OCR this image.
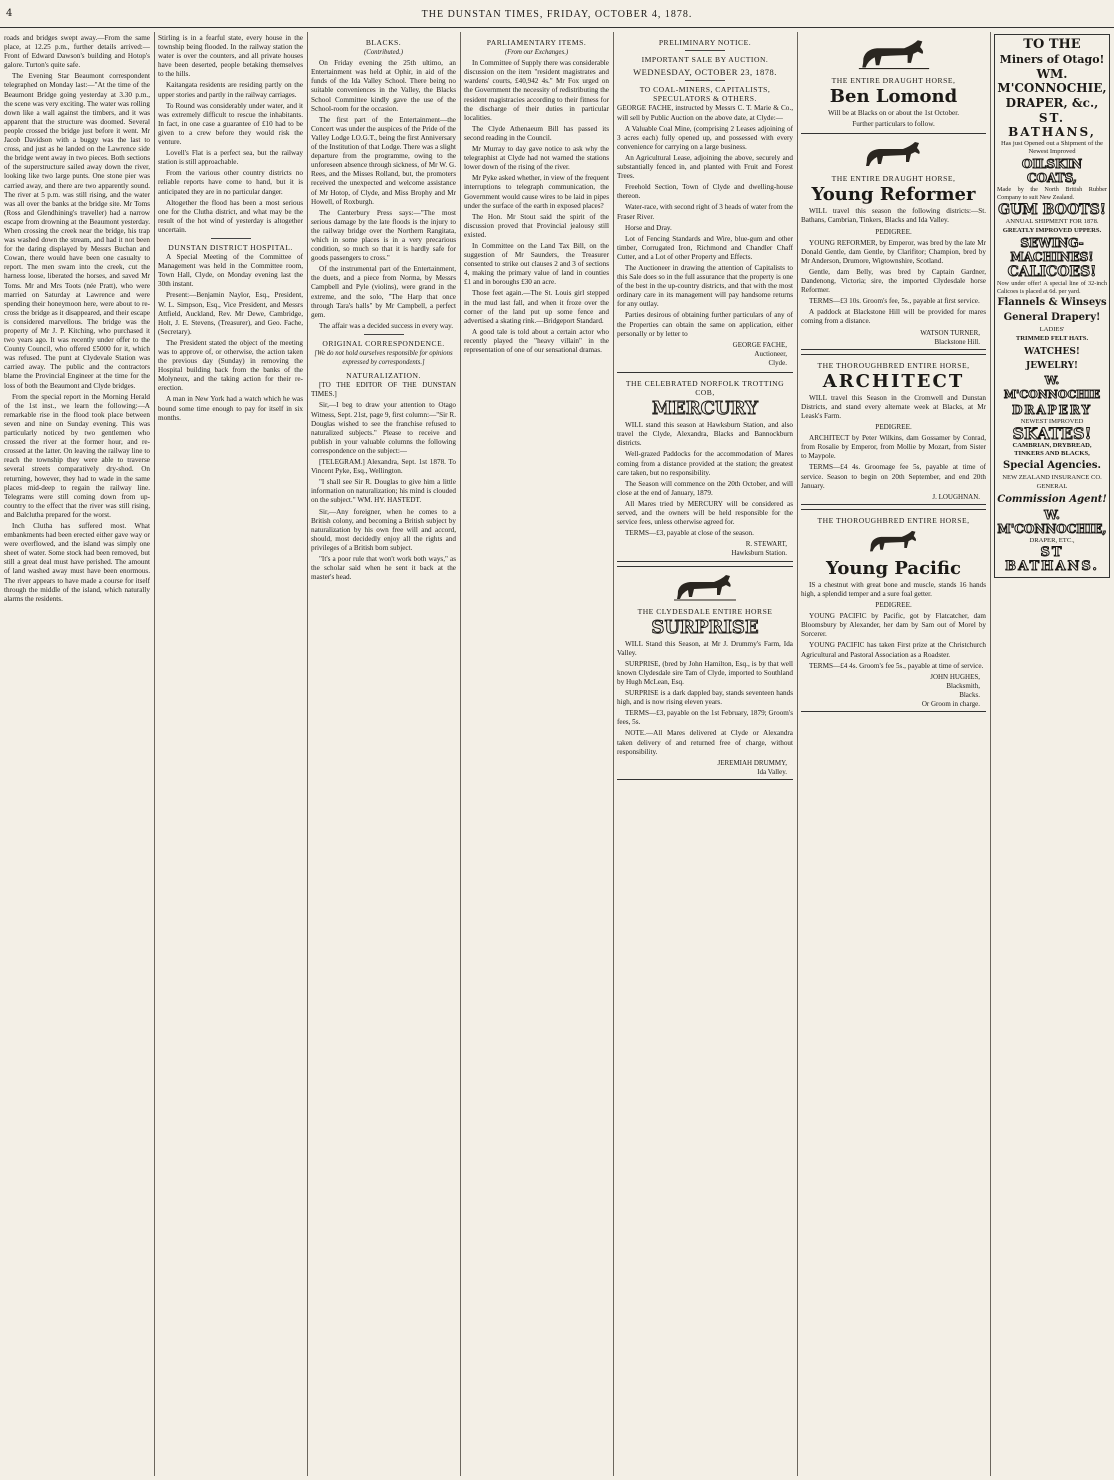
4	THE DUNSTAN TIMES, FRIDAY, OCTOBER 4, 1878.

roads and bridges swept away.—From the same place, at 12.25 p.m., further details arrived:—Front of Edward Dawson's building and Hotop's galore. Turton's quite safe.

The Evening Star Beaumont correspondent telegraphed on Monday last:—"At the time of the Beaumont Bridge going yesterday at 3.30 p.m., the scene was very exciting. The water was rolling down like a wall against the timbers, and it was apparent that the structure was doomed. Several people crossed the bridge just before it went. Mr Jacob Davidson with a buggy was the last to cross, and just as he landed on the Lawrence side the bridge went away in two pieces. Both sections of the superstructure sailed away down the river, looking like two large punts. One stone pier was carried away, and there are two apparently sound. The river at 5 p.m. was still rising, and the water was all over the banks at the bridge site. Mr Toms (Ross and Glendhining's traveller) had a narrow escape from drowning at the Beaumont yesterday. When crossing the creek near the bridge, his trap was washed down the stream, and had it not been for the daring displayed by Messrs Buchan and Cowan, there would have been one casualty to report. The men swam into the creek, cut the harness loose, liberated the horses, and saved Mr Toms. Mr and Mrs Toots (née Pratt), who were married on Saturday at Lawrence and were spending their honeymoon here, were about to re-cross the bridge as it disappeared, and their escape is considered marvellous. The bridge was the property of Mr J. P. Kitching, who purchased it two years ago. It was recently under offer to the County Council, who offered £5000 for it, which was refused. The punt at Clydevale Station was carried away. The public and the contractors blame the Provincial Engineer at the time for the loss of both the Beaumont and Clyde bridges.

From the special report in the Morning Herald of the 1st inst., we learn the following:—A remarkable rise in the flood took place between seven and nine on Sunday evening. This was particularly noticed by two gentlemen who crossed the river at the former hour, and re-crossed at the latter. On leaving the railway line to reach the township they were able to traverse several streets comparatively dry-shod. On returning, however, they had to wade in the same places mid-deep to regain the railway line. Telegrams were still coming down from up-country to the effect that the river was still rising, and Balclutha prepared for the worst.

Inch Clutha has suffered most. What embankments had been erected either gave way or were overflowed, and the island was simply one sheet of water. Some stock had been removed, but still a great deal must have perished. The amount of land washed away must have been enormous. The river appears to have made a course for itself through the middle of the island, which naturally alarms the residents.

Stirling is in a fearful state, every house in the township being flooded. In the railway station the water is over the counters, and all private houses have been deserted, people betaking themselves to the hills.

Kaitangata residents are residing partly on the upper stories and partly in the railway carriages.

To Round was considerably under water, and it was extremely difficult to rescue the inhabitants. In fact, in one case a guarantee of £10 had to be given to a crew before they would risk the venture.

Lovell's Flat is a perfect sea, but the railway station is still approachable.

From the various other country districts no reliable reports have come to hand, but it is anticipated they are in no particular danger.

Altogether the flood has been a most serious one for the Clutha district, and what may be the result of the hot wind of yesterday is altogether uncertain.

DUNSTAN DISTRICT HOSPITAL.

A Special Meeting of the Committee of Management was held in the Committee room, Town Hall, Clyde, on Monday evening last the 30th instant.

Present:—Benjamin Naylor, Esq., President, W. L. Simpson, Esq., Vice President, and Messrs Attfield, Auckland, Rev. Mr Dewe, Cambridge, Holt, J. E. Stevens, (Treasurer), and Geo. Fache, (Secretary).

The President stated the object of the meeting was to approve of, or otherwise, the action taken the previous day (Sunday) in removing the Hospital building back from the banks of the Molyneux, and the taking action for their re-erection.

A man in New York had a watch which he was bound some time enough to pay for itself in six months.

BLACKS.
(Contributed.)

On Friday evening the 25th ultimo, an Entertainment was held at Ophir, in aid of the funds of the Ida Valley School. There being no suitable conveniences in the Valley, the Blacks School Committee kindly gave the use of the School-room for the occasion.

The first part of the Entertainment—the Concert was under the auspices of the Pride of the Valley Lodge I.O.G.T., being the first Anniversary of the Institution of that Lodge. There was a slight departure from the programme, owing to the unforeseen absence through sickness, of Mr W. G. Rees, and the Misses Rolland, but, the promoters received the unexpected and welcome assistance of Mr Hotop, of Clyde, and Miss Brophy and Mr Howell, of Roxburgh.

The Canterbury Press says:—"The most serious damage by the late floods is the injury to the railway bridge over the Northern Rangitata, which in some places is in a very precarious condition, so much so that it is hardly safe for goods passengers to cross."

Of the instrumental part of the Entertainment, the duets, and a piece from Norma, by Messrs Campbell and Pyle (violins), were grand in the extreme, and the solo, "The Harp that once through Tara's halls" by Mr Campbell, a perfect gem.

The affair was a decided success in every way.

ORIGINAL CORRESPONDENCE.
[We do not hold ourselves responsible for opinions expressed by correspondents.]
NATURALIZATION.

[TO THE EDITOR OF THE DUNSTAN TIMES.]

Sir,—I beg to draw your attention to Otago Witness, Sept. 21st, page 9, first column:—"Sir R. Douglas wished to see the franchise refused to naturalized subjects." Please to receive and publish in your valuable columns the following correspondence on the subject:—

[TELEGRAM.] Alexandra, Sept. 1st 1878. To Vincent Pyke, Esq., Wellington.

"I shall see Sir R. Douglas to give him a little information on naturalization; his mind is clouded on the subject." WM. HY. HASTEDT.

Sir,—Any foreigner, when he comes to a British colony, and becoming a British subject by naturalization by his own free will and accord, should, most decidedly enjoy all the rights and privileges of a British born subject.

"It's a poor rule that won't work both ways," as the scholar said when he sent it back at the master's head.

PARLIAMENTARY ITEMS.
(From our Exchanges.)

In Committee of Supply there was considerable discussion on the item "resident magistrates and wardens' courts, £40,942 4s." Mr Fox urged on the Government the necessity of redistributing the resident magistracies according to their fitness for the discharge of their duties in particular localities.

The Clyde Athenaeum Bill has passed its second reading in the Council.

Mr Murray to day gave notice to ask why the telegraphist at Clyde had not warned the stations lower down of the rising of the river.

Mr Pyke asked whether, in view of the frequent interruptions to telegraph communication, the Government would cause wires to be laid in pipes under the surface of the earth in exposed places?

The Hon. Mr Stout said the spirit of the discussion proved that Provincial jealousy still existed.

In Committee on the Land Tax Bill, on the suggestion of Mr Saunders, the Treasurer consented to strike out clauses 2 and 3 of sections 4, making the primary value of land in counties £1 and in boroughs £30 an acre.

Those feet again.—The St. Louis girl stepped in the mud last fall, and when it froze over the corner of the land put up some fence and advertised a skating rink.—Bridgeport Standard.

A good tale is told about a certain actor who recently played the "heavy villain" in the representation of one of our sensational dramas.

PRELIMINARY NOTICE.
IMPORTANT SALE BY AUCTION.
WEDNESDAY, OCTOBER 23, 1878.
TO COAL-MINERS, CAPITALISTS, SPECULATORS & OTHERS.

GEORGE FACHE, instructed by Messrs C. T. Marie & Co., will sell by Public Auction on the above date, at Clyde:—

A Valuable Coal Mine, (comprising 2 Leases adjoining of 3 acres each) fully opened up, and possessed with every convenience for carrying on a large business.

An Agricultural Lease, adjoining the above, securely and substantially fenced in, and planted with Fruit and Forest Trees.

Freehold Section, Town of Clyde and dwelling-house thereon.

Water-race, with second right of 3 heads of water from the Fraser River.

Horse and Dray.

Lot of Fencing Standards and Wire, blue-gum and other timber, Corrugated Iron, Richmond and Chandler Chaff Cutter, and a Lot of other Property and Effects.

The Auctioneer in drawing the attention of Capitalists to this Sale does so in the full assurance that the property is one of the best in the up-country districts, and that with the most ordinary care in its management will pay handsome returns for any outlay.

Parties desirous of obtaining further particulars of any of the Properties can obtain the same on application, either personally or by letter to

GEORGE FACHE,
Auctioneer,
Clyde.
THE CELEBRATED NORFOLK TROTTING COB,
MERCURY

WILL stand this season at Hawksburn Station, and also travel the Clyde, Alexandra, Blacks and Bannockburn districts.

Well-grazed Paddocks for the accommodation of Mares coming from a distance provided at the station; the greatest care taken, but no responsibility.

The Season will commence on the 20th October, and will close at the end of January, 1879.

All Mares tried by MERCURY will be considered as served, and the owners will be held responsible for the service fees, unless otherwise agreed for.

TERMS—£3, payable at close of the season.

R. STEWART,
Hawksburn Station.
THE CLYDESDALE ENTIRE HORSE
SURPRISE

WILL Stand this Season, at Mr J. Drummy's Farm, Ida Valley.

SURPRISE, (bred by John Hamilton, Esq., is by that well known Clydesdale sire Tam of Clyde, imported to Southland by Hugh McLean, Esq.

SURPRISE is a dark dappled bay, stands seventeen hands high, and is now rising eleven years.

TERMS—£3, payable on the 1st February, 1879; Groom's fees, 5s.

NOTE.—All Mares delivered at Clyde or Alexandra taken delivery of and returned free of charge, without responsibility.

JEREMIAH DRUMMY,
Ida Valley.
THE ENTIRE DRAUGHT HORSE,
Ben Lomond

Will be at Blacks on or about the 1st October.

Further particulars to follow.

THE ENTIRE DRAUGHT HORSE,
Young Reformer

WILL travel this season the following districts:—St. Bathans, Cambrian, Tinkers, Blacks and Ida Valley.

PEDIGREE.

YOUNG REFORMER, by Emperor, was bred by the late Mr Donald Gentle, dam Gentle, by Clarifitor; Champion, bred by Mr Anderson, Drumore, Wigtownshire, Scotland.

Gentle, dam Belly, was bred by Captain Gardner, Dandenong, Victoria; sire, the imported Clydesdale horse Reformer.

TERMS—£3 10s. Groom's fee, 5s., payable at first service.

A paddock at Blackstone Hill will be provided for mares coming from a distance.

WATSON TURNER,
Blackstone Hill.
THE THOROUGHBRED ENTIRE HORSE,
ARCHITECT

WILL travel this Season in the Cromwell and Dunstan Districts, and stand every alternate week at Blacks, at Mr Leask's Farm.

PEDIGREE.

ARCHITECT by Peter Wilkins, dam Gossamer by Conrad, from Rosalie by Emperor, from Mollie by Mozart, from Sister to Maypole.

TERMS—£4 4s. Groomage fee 5s, payable at time of service. Season to begin on 20th September, and end 20th January.

J. LOUGHNAN.
THE THOROUGHBRED ENTIRE HORSE,
Young Pacific

IS a chestnut with great bone and muscle, stands 16 hands high, a splendid temper and a sure foal getter.

PEDIGREE.

YOUNG PACIFIC by Pacific, got by Flatcatcher, dam Bloomsbury by Alexander, her dam by Sam out of Morel by Sorcerer.

YOUNG PACIFIC has taken First prize at the Christchurch Agricultural and Pastoral Association as a Roadster.

TERMS—£4 4s. Groom's fee 5s., payable at time of service.

JOHN HUGHES,
Blacksmith,
Blacks.
Or Groom in charge.

TO THE

Miners of Otago!

WM. M'CONNOCHIE,

DRAPER, &c.,

ST. BATHANS,

Has just Opened out a Shipment of the Newest Improved

OILSKIN COATS,

Made by the North British Rubber Company to suit New Zealand.

GUM BOOTS!

ANNUAL SHIPMENT FOR 1878.

GREATLY IMPROVED UPPERS.

SEWING-MACHINES!

CALICOES!

Now under offer! A special line of 32-inch Calicoes is placed at 6d. per yard.

Flannels & Winseys

General Drapery!

LADIES'

TRIMMED FELT HATS.

WATCHES! JEWELRY!

W. M'CONNOCHIE

DRAPERY

NEWEST IMPROVED

SKATES!

CAMBRIAN, DRYBREAD, TINKERS AND BLACKS,

Special Agencies.

NEW ZEALAND INSURANCE CO.

GENERAL

Commission Agent!

W. M'CONNOCHIE,

DRAPER, ETC.,

ST BATHANS.
